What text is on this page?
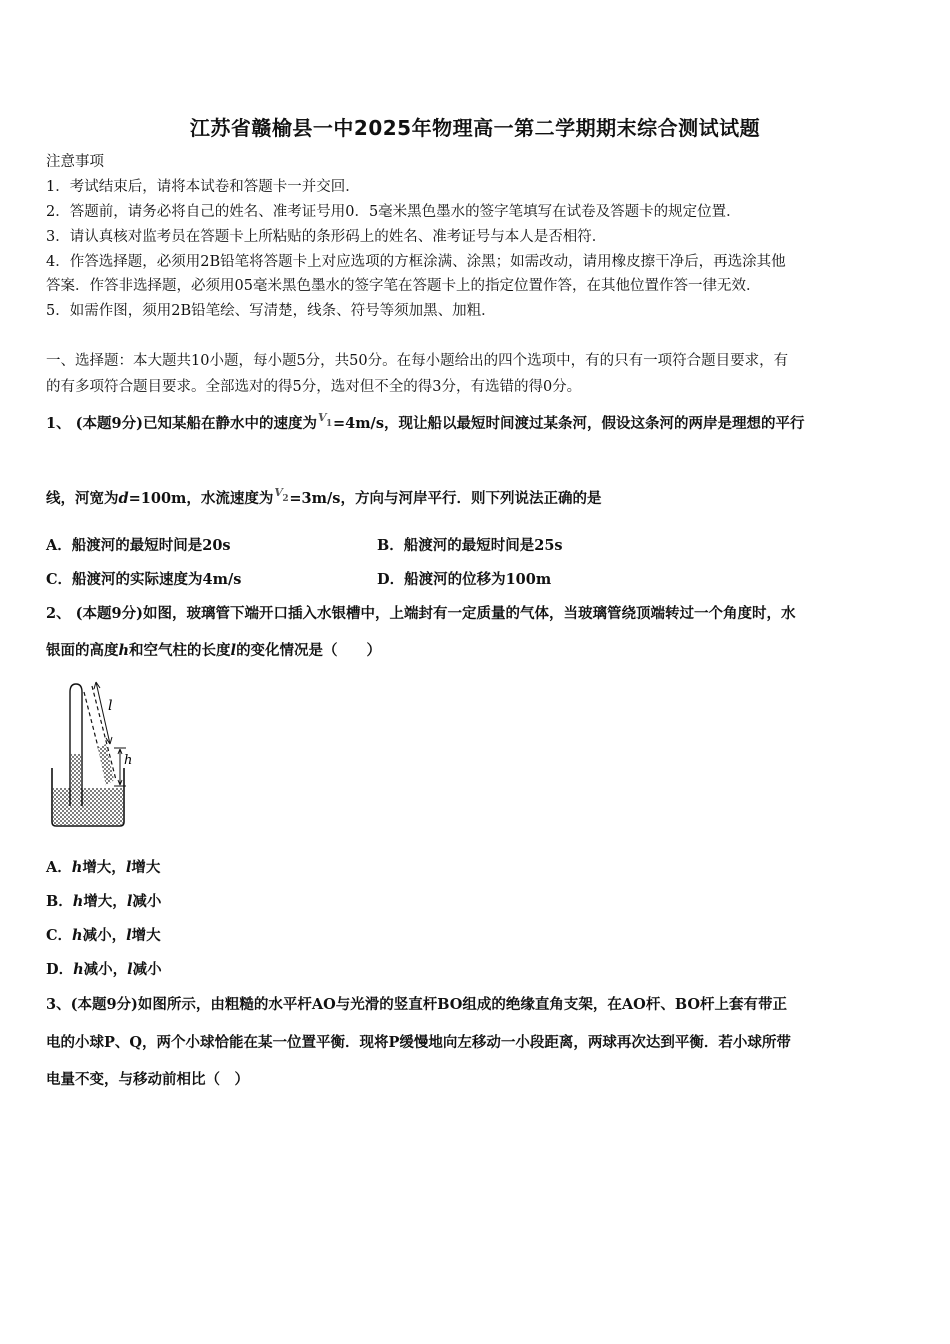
江苏省赣榆县一中2025年物理高一第二学期期末综合测试试题
注意事项
1．考试结束后，请将本试卷和答题卡一并交回．
2．答题前，请务必将自己的姓名、准考证号用0．5毫米黑色墨水的签字笔填写在试卷及答题卡的规定位置．
3．请认真核对监考员在答题卡上所粘贴的条形码上的姓名、准考证号与本人是否相符．
4．作答选择题，必须用2B铅笔将答题卡上对应选项的方框涂满、涂黑；如需改动，请用橡皮擦干净后，再选涂其他
答案．作答非选择题，必须用05毫米黑色墨水的签字笔在答题卡上的指定位置作答，在其他位置作答一律无效．
5．如需作图，须用2B铅笔绘、写清楚，线条、符号等须加黑、加粗．
一、选择题：本大题共10小题，每小题5分，共50分。在每小题给出的四个选项中，有的只有一项符合题目要求，有
的有多项符合题目要求。全部选对的得5分，选对但不全的得3分，有选错的得0分。
1、 (本题9分)已知某船在静水中的速度为 V 1 =4m/s，现让船以最短时间渡过某条河，假设这条河的两岸是理想的平行
线，河宽为d=100m，水流速度为 V 2 =3m/s，方向与河岸平行．则下列说法正确的是
A．船渡河的最短时间是20s	B．船渡河的最短时间是25s
C．船渡河的实际速度为4m/s	D．船渡河的位移为100m
2、 (本题9分)如图，玻璃管下端开口插入水银槽中，上端封有一定质量的气体，当玻璃管绕顶端转过一个角度时，水
银面的高度h和空气柱的长度l的变化情况是（　　）
l
h
A．h增大，l增大
B．h增大，l减小
C．h减小，l增大
D．h减小，l减小
3、(本题9分)如图所示，由粗糙的水平杆AO与光滑的竖直杆BO组成的绝缘直角支架，在AO杆、BO杆上套有带正
电的小球P、Q，两个小球恰能在某一位置平衡．现将P缓慢地向左移动一小段距离，两球再次达到平衡．若小球所带
电量不变，与移动前相比（　）
